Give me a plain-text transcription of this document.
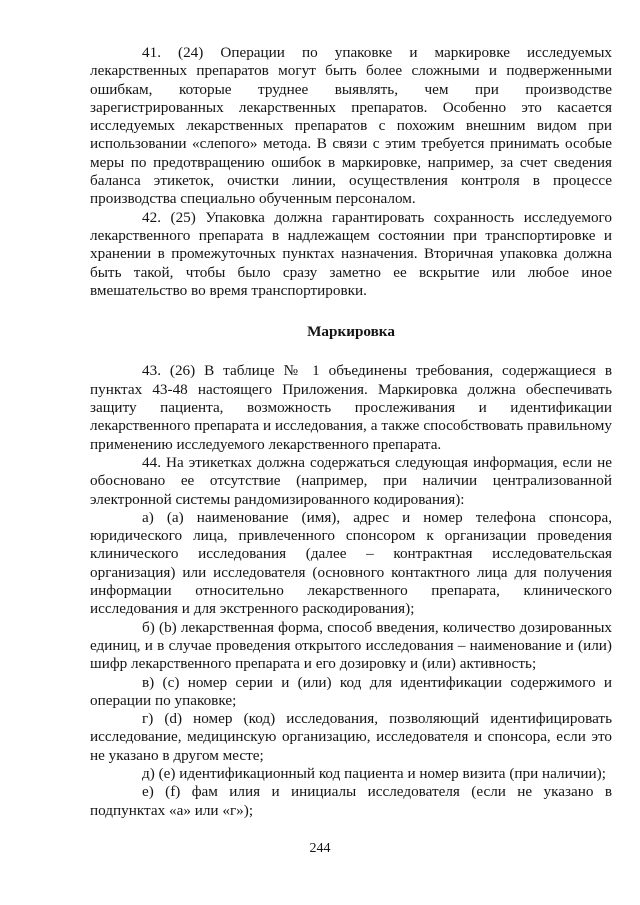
41. (24) Операции по упаковке и маркировке исследуемых лекарственных препаратов могут быть более сложными и подверженными ошибкам, которые труднее выявлять, чем при производстве зарегистрированных лекарственных препаратов. Особенно это касается исследуемых лекарственных препаратов с похожим внешним видом при использовании «слепого» метода. В связи с этим требуется принимать особые меры по предотвращению ошибок в маркировке, например, за счет сведения баланса этикеток, очистки линии, осуществления контроля в процессе производства специально обученным персоналом.

42. (25) Упаковка должна гарантировать сохранность исследуемого лекарственного препарата в надлежащем состоянии при транспортировке и хранении в промежуточных пунктах назначения. Вторичная упаковка должна быть такой, чтобы было сразу заметно ее вскрытие или любое иное вмешательство во время транспортировки.

Маркировка

43. (26) В таблице № 1 объединены требования, содержащиеся в пунктах 43-48 настоящего Приложения. Маркировка должна обеспечивать защиту пациента, возможность прослеживания и идентификации лекарственного препарата и исследования, а также способствовать правильному применению исследуемого лекарственного препарата.

44. На этикетках должна содержаться следующая информация, если не обосновано ее отсутствие (например, при наличии централизованной электронной системы рандомизированного кодирования):

а) (а) наименование (имя), адрес и номер телефона спонсора, юридического лица, привлеченного спонсором к организации проведения клинического исследования (далее – контрактная исследовательская организация) или исследователя (основного контактного лица для получения информации относительно лекарственного препарата, клинического исследования и для экстренного раскодирования);

б) (b) лекарственная форма, способ введения, количество дозированных единиц, и в случае проведения открытого исследования – наименование и (или) шифр лекарственного препарата и его дозировку и (или) активность;

в) (с) номер серии и (или) код для идентификации содержимого и операции по упаковке;

г) (d) номер (код) исследования, позволяющий идентифицировать исследование, медицинскую организацию, исследователя и спонсора, если это не указано в другом месте;

д) (е) идентификационный код пациента и номер визита (при наличии);

е) (f) фам илия и инициалы исследователя (если не указано в подпунктах «а» или «г»);

244
